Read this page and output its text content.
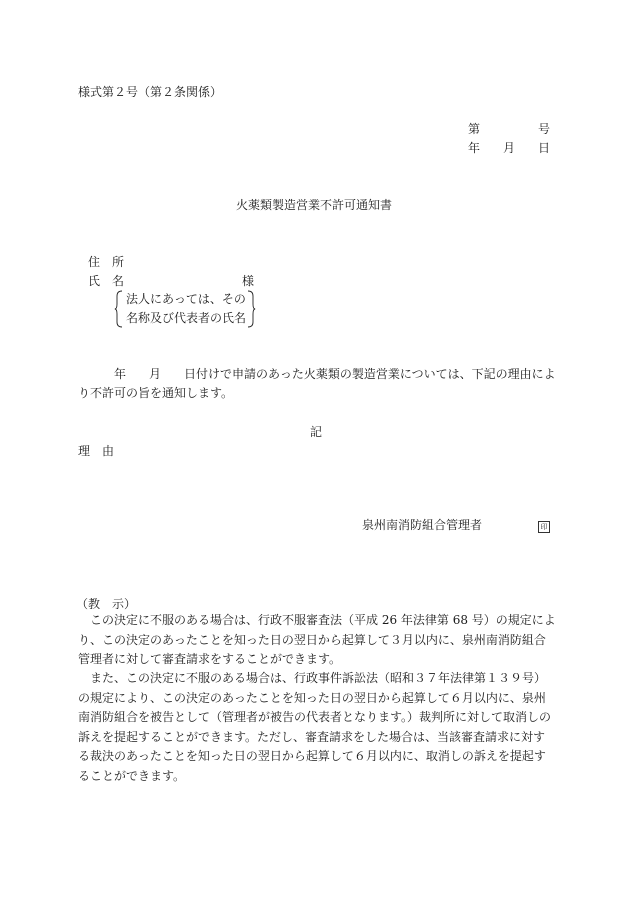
様式第２号（第２条関係）
第	号
年 月 日
火薬類製造営業不許可通知書
住　所
氏　名	様
法人にあっては、その
名称及び代表者の氏名
年 月 日付けで申請のあった火薬類の製造営業については、下記の理由によ
り不許可の旨を通知します。
記
理　由
泉州南消防組合管理者	印
（教　示）
この決定に不服のある場合は、行政不服審査法（平成 26 年法律第 68 号）の規定により、この決定のあったことを知った日の翌日から起算して３月以内に、泉州南消防組合管理者に対して審査請求をすることができます。
また、この決定に不服のある場合は、行政事件訴訟法（昭和３７年法律第１３９号）の規定により、この決定のあったことを知った日の翌日から起算して６月以内に、泉州南消防組合を被告として（管理者が被告の代表者となります。）裁判所に対して取消しの訴えを提起することができます。ただし、審査請求をした場合は、当該審査請求に対する裁決のあったことを知った日の翌日から起算して６月以内に、取消しの訴えを提起することができます。
